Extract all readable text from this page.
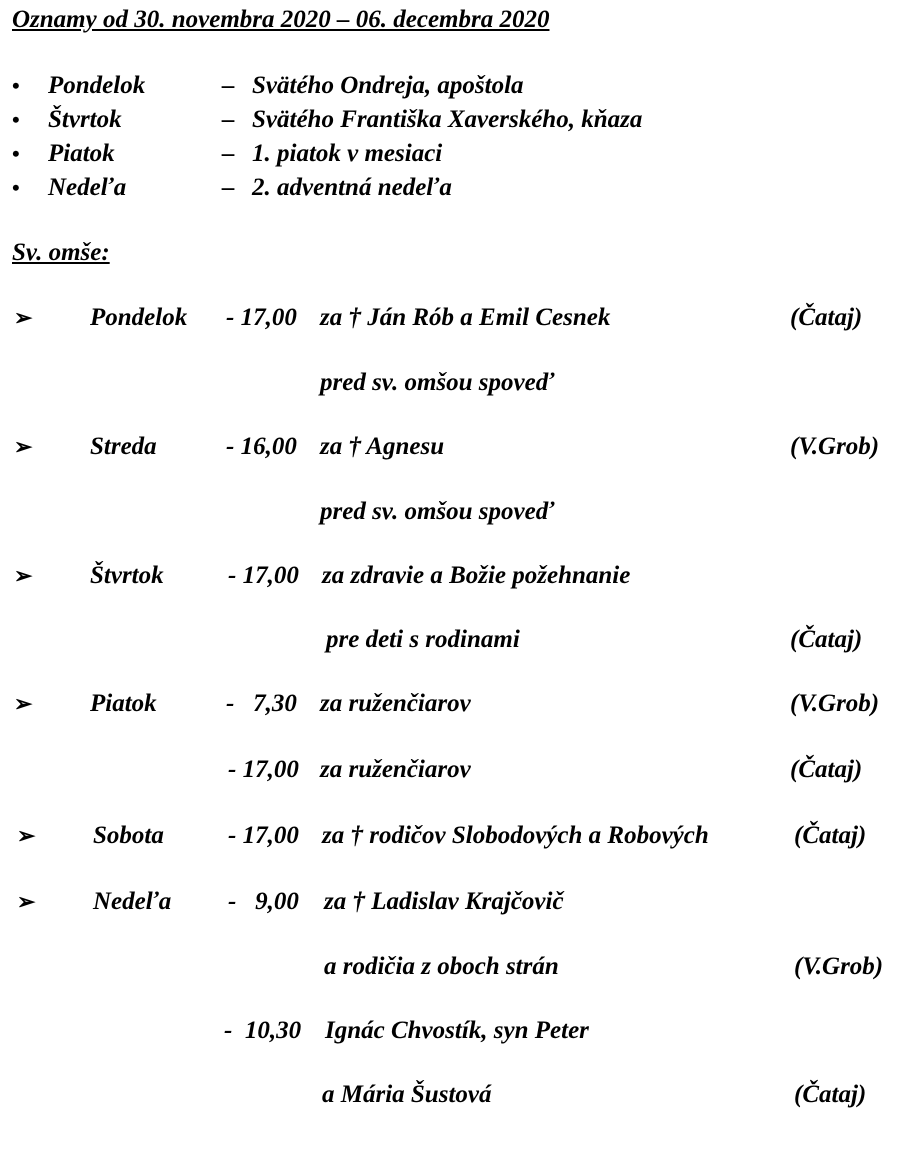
Oznamy od 30. novembra 2020 – 06. decembra 2020
• Pondelok	– Svätého Ondreja, apoštola
• Štvrtok	– Svätého Františka Xaverského, kňaza
• Piatok	– 1. piatok v mesiaci
• Nedeľa	– 2. adventná nedeľa
Sv. omše:
➢ Pondelok - 17,00 za † Ján Rób a Emil Cesnek	(Čataj)
pred sv. omšou spoveď
➢ Streda	- 16,00 za † Agnesu	(V.Grob)
pred sv. omšou spoveď
➢ Štvrtok	- 17,00 za zdravie a Božie požehnanie
pre deti s rodinami	(Čataj)
➢ Piatok	-   7,30 za ruženčiarov	(V.Grob)
- 17,00 za ruženčiarov	(Čataj)
➢ Sobota	- 17,00 za † rodičov Slobodových a Robových	(Čataj)
➢ Nedeľa -   9,00 za † Ladislav Krajčovič
a rodičia z oboch strán	(V.Grob)
-  10,30 Ignác Chvostík, syn Peter
a Mária Šustová	(Čataj)
